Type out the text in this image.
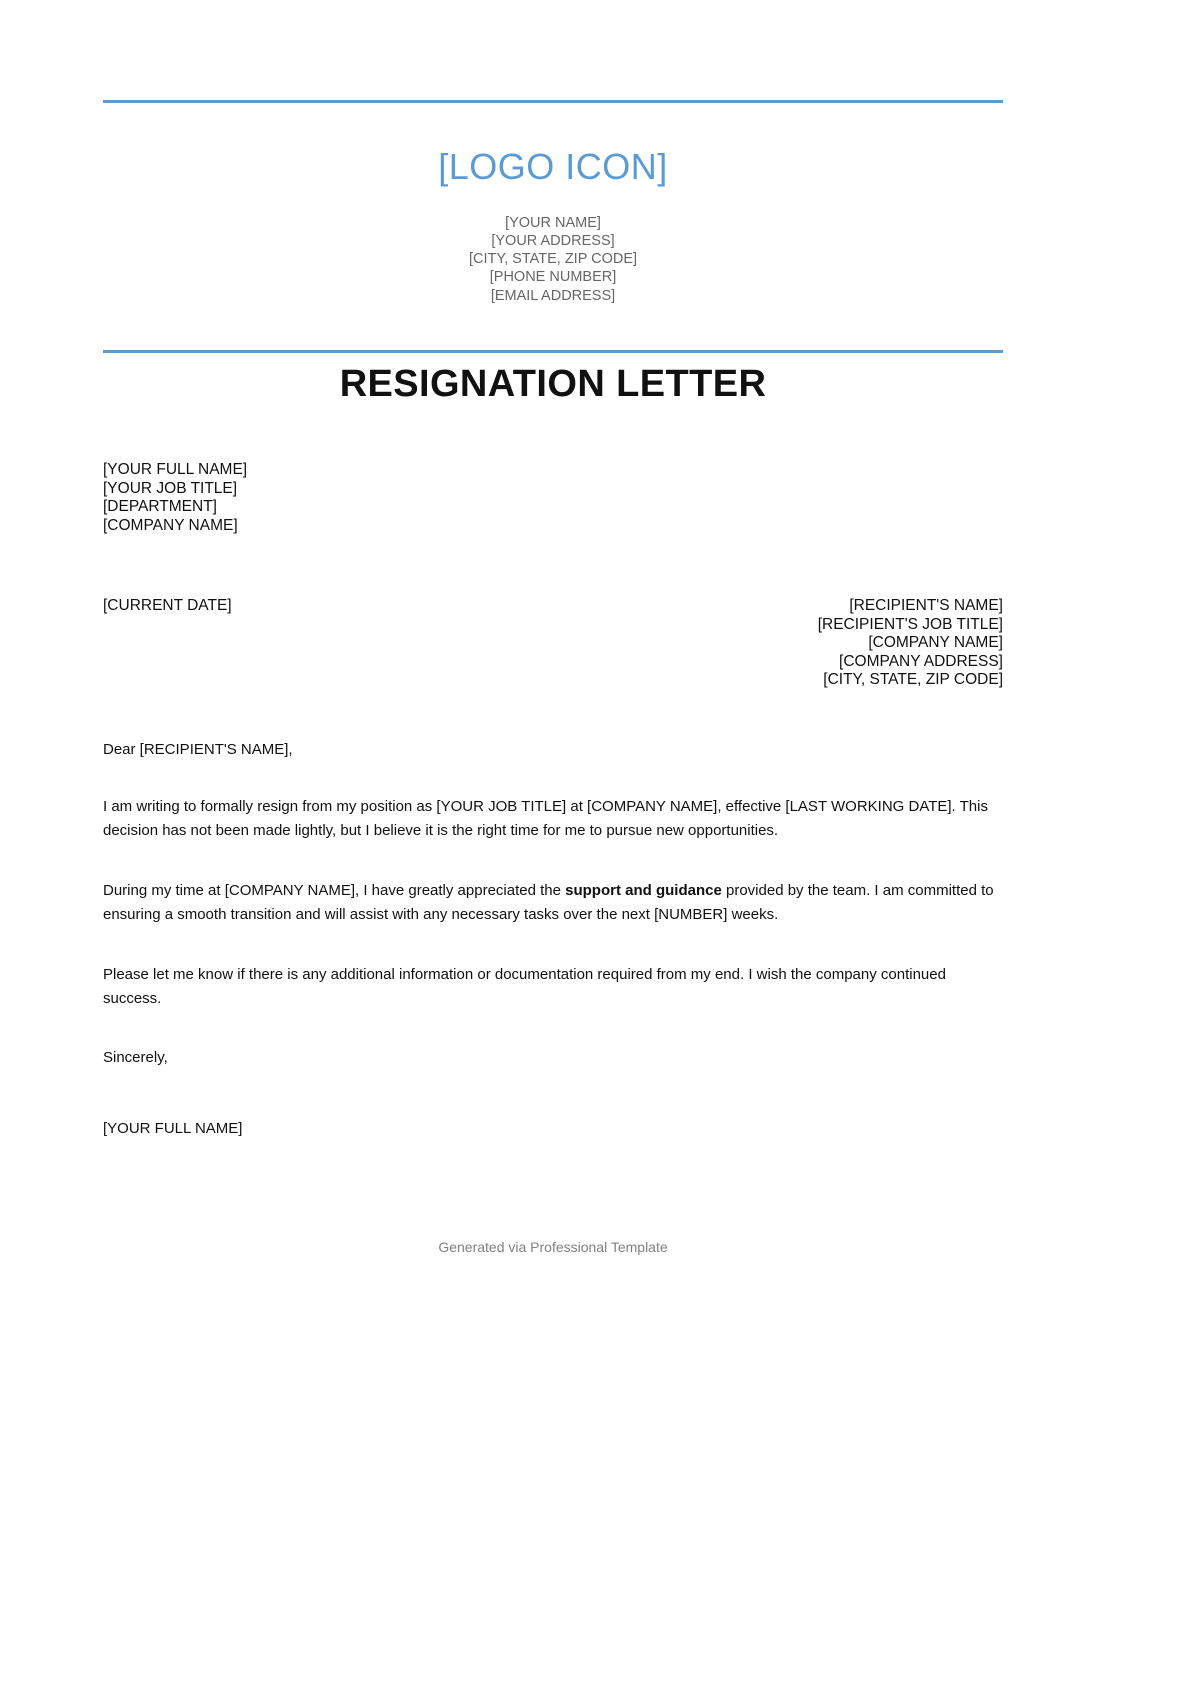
[LOGO ICON]
[YOUR NAME]
[YOUR ADDRESS]
[CITY, STATE, ZIP CODE]
[PHONE NUMBER]
[EMAIL ADDRESS]
RESIGNATION LETTER
[YOUR FULL NAME]
[YOUR JOB TITLE]
[DEPARTMENT]
[COMPANY NAME]
[CURRENT DATE]	[RECIPIENT'S NAME]
[RECIPIENT'S JOB TITLE]
[COMPANY NAME]
[COMPANY ADDRESS]
[CITY, STATE, ZIP CODE]

Dear [RECIPIENT'S NAME],

I am writing to formally resign from my position as [YOUR JOB TITLE] at [COMPANY NAME], effective [LAST WORKING DATE]. This decision has not been made lightly, but I believe it is the right time for me to pursue new opportunities.

During my time at [COMPANY NAME], I have greatly appreciated the support and guidance provided by the team. I am committed to ensuring a smooth transition and will assist with any necessary tasks over the next [NUMBER] weeks.

Please let me know if there is any additional information or documentation required from my end. I wish the company continued success.

Sincerely,

[YOUR FULL NAME]

Generated via Professional Template
